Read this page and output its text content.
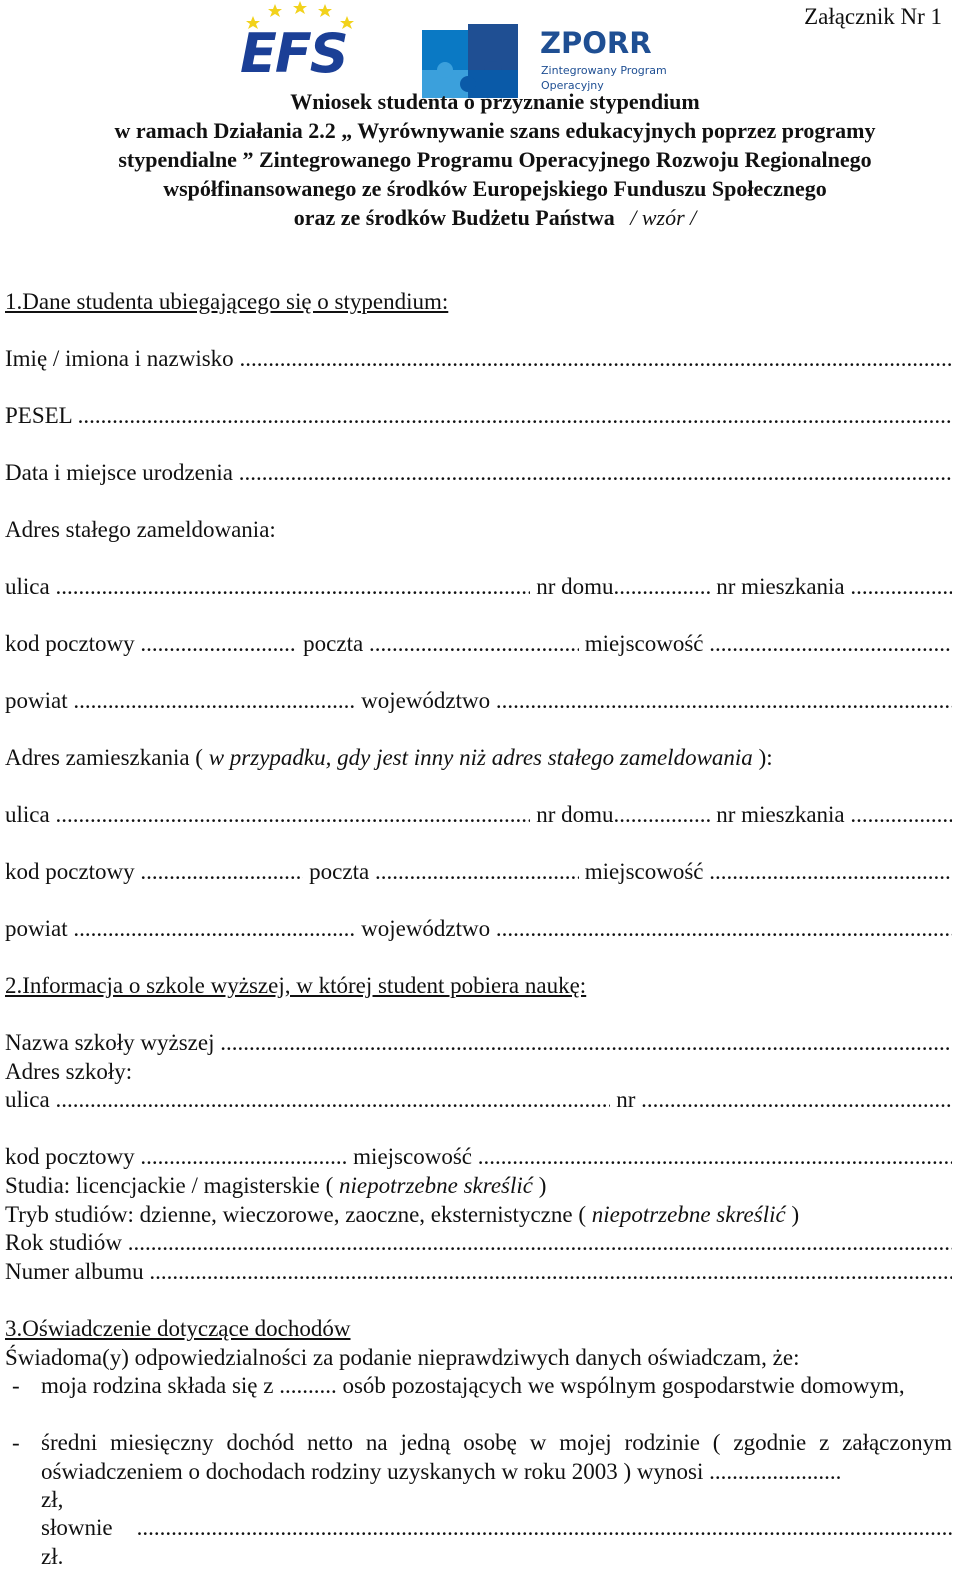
Załącznik Nr 1
EFS	ZPORR
Zintegrowany Program
Operacyjny
Wniosek studenta o przyznanie stypendium
w ramach Działania 2.2 „ Wyrównywanie szans edukacyjnych poprzez programy
stypendialne ” Zintegrowanego Programu Operacyjnego Rozwoju Regionalnego
współfinansowanego ze środków Europejskiego Funduszu Społecznego
oraz ze środków Budżetu Państwa / wzór /
1.Dane studenta ubiegającego się o stypendium:
Imię / imiona i nazwisko
.....
PESEL
.....
Data i miejsce urodzenia
.....
Adres stałego zameldowania:
ulica .....	nr domu .....	nr mieszkania
.....
kod pocztowy .....	poczta .....	miejscowość
.....
powiat .....	województwo
.....
Adres zamieszkania ( w przypadku, gdy jest inny niż adres stałego zameldowania ):
ulica .....	nr domu .....	nr mieszkania
.....
kod pocztowy .....	poczta .....	miejscowość
.....
powiat .....	województwo
.....
2.Informacja o szkole wyższej, w której student pobiera naukę:
Nazwa szkoły wyższej
.....
Adres szkoły:
ulica .....	nr
.....
kod pocztowy .....	miejscowość
.....
Studia: licencjackie / magisterskie ( niepotrzebne skreślić )
Tryb studiów: dzienne, wieczorowe, zaoczne, eksternistyczne ( niepotrzebne skreślić )
Rok studiów
.....
Numer albumu
.....
3.Oświadczenie dotyczące dochodów
Świadoma(y) odpowiedzialności za podanie nieprawdziwych danych oświadczam, że:
- moja rodzina składa się z .......... osób pozostających we wspólnym gospodarstwie domowym,
- średni miesięczny dochód netto na jedną osobę w mojej rodzinie ( zgodnie z załączonym oświadczeniem o dochodach rodziny uzyskanych w roku 2003 ) wynosi .......................
zł,
słownie
.....
zł.
